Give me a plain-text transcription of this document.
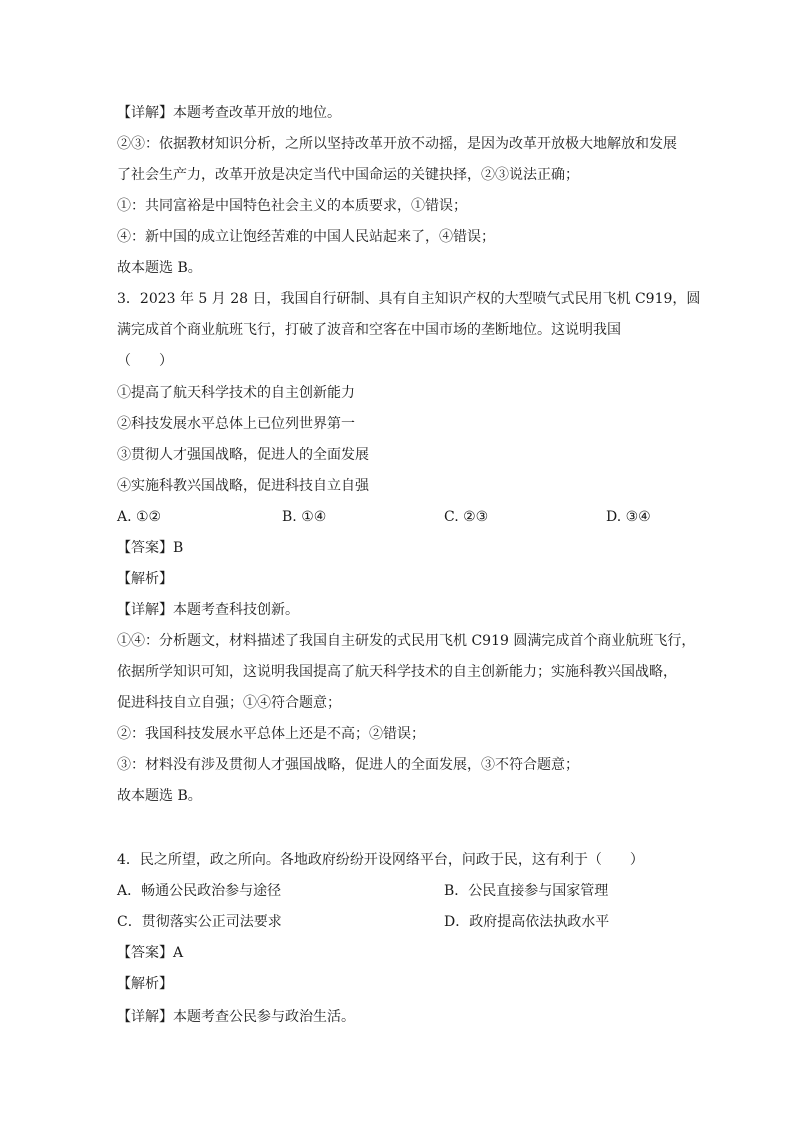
【详解】本题考查改革开放的地位。
②③：依据教材知识分析，之所以坚持改革开放不动摇，是因为改革开放极大地解放和发展
了社会生产力，改革开放是决定当代中国命运的关键抉择，②③说法正确；
①：共同富裕是中国特色社会主义的本质要求，①错误；
④：新中国的成立让饱经苦难的中国人民站起来了，④错误；
故本题选 B。
3．2023 年 5 月 28 日，我国自行研制、具有自主知识产权的大型喷气式民用飞机 C919，圆
满完成首个商业航班飞行，打破了波音和空客在中国市场的垄断地位。这说明我国
（　　）
①提高了航天科学技术的自主创新能力
②科技发展水平总体上已位列世界第一
③贯彻人才强国战略，促进人的全面发展
④实施科教兴国战略，促进科技自立自强
A. ①②	B. ①④	C. ②③	D. ③④
【答案】B
【解析】
【详解】本题考查科技创新。
①④：分析题文，材料描述了我国自主研发的式民用飞机 C919 圆满完成首个商业航班飞行，
依据所学知识可知，这说明我国提高了航天科学技术的自主创新能力；实施科教兴国战略，
促进科技自立自强；①④符合题意；
②：我国科技发展水平总体上还是不高；②错误；
③：材料没有涉及贯彻人才强国战略，促进人的全面发展，③不符合题意；
故本题选 B。
4．民之所望，政之所向。各地政府纷纷开设网络平台，问政于民，这有利于（　　）
A．畅通公民政治参与途径	B．公民直接参与国家管理
C．贯彻落实公正司法要求	D．政府提高依法执政水平
【答案】A
【解析】
【详解】本题考查公民参与政治生活。
